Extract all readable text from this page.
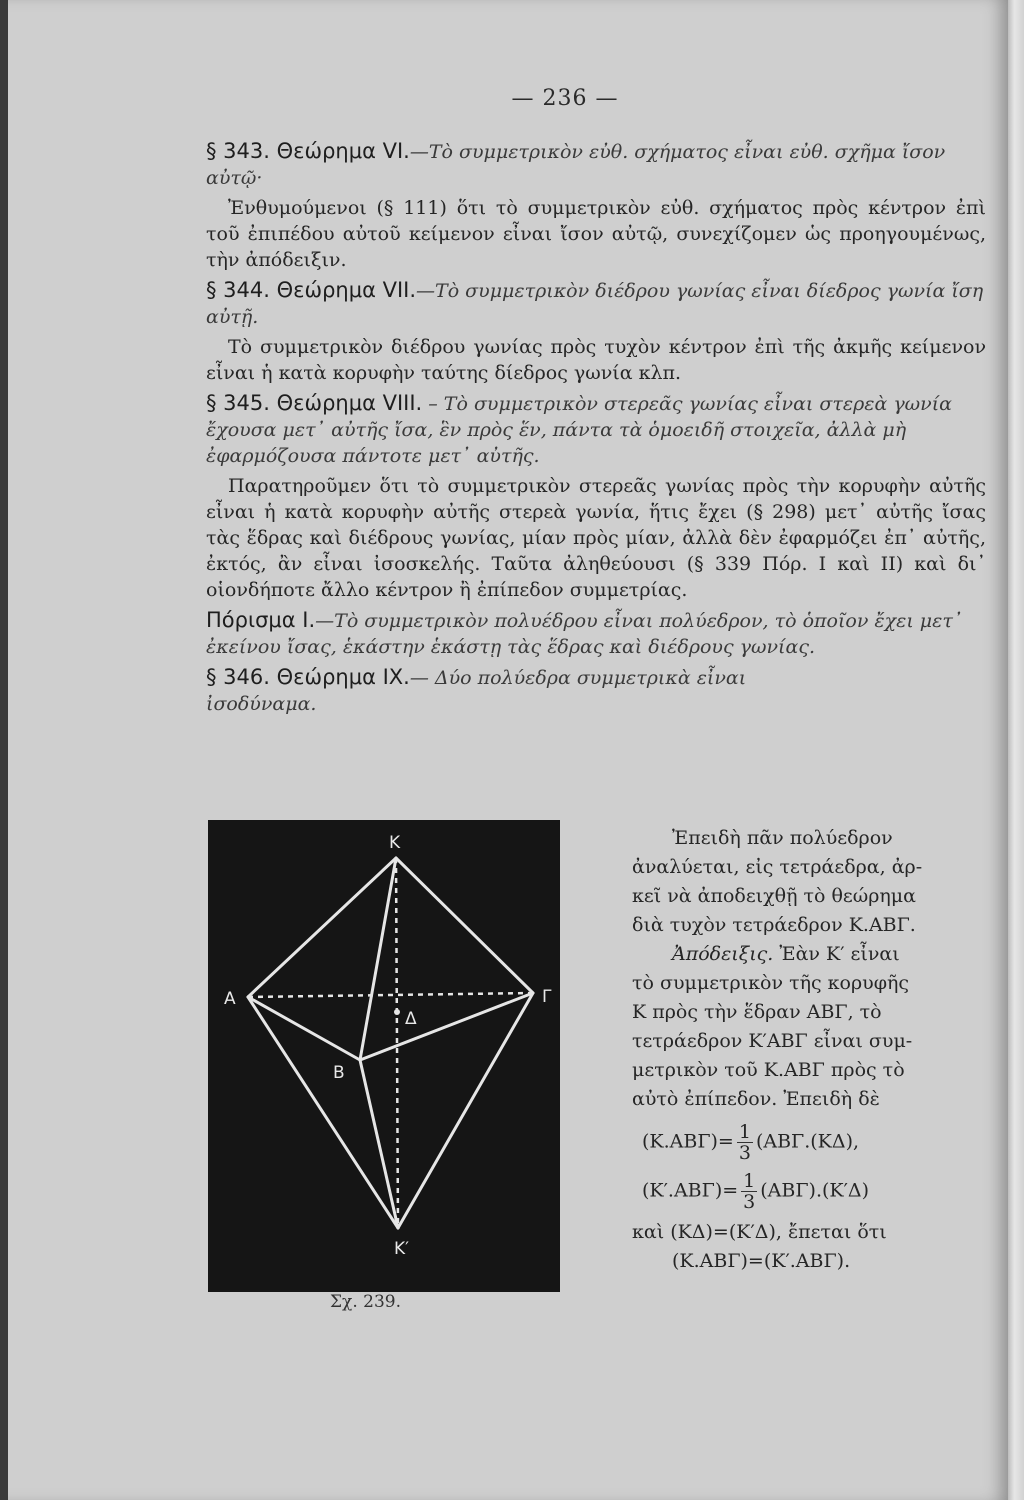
— 236 —
§ 343. Θεώρημα VI.—Τὸ συμμετρικὸν εὐθ. σχήματος εἶναι εὐθ. σχῆμα ἴσον αὐτῷ·
Ἐνθυμούμενοι (§ 111) ὅτι τὸ συμμετρικὸν εὐθ. σχήματος πρὸς κέντρον ἐπὶ τοῦ ἐπιπέδου αὐτοῦ κείμενον εἶναι ἴσον αὐτῷ, συνεχίζομεν ὡς προηγουμένως, τὴν ἀπόδειξιν.
§ 344. Θεώρημα VII.—Τὸ συμμετρικὸν διέδρου γωνίας εἶναι δίεδρος γωνία ἴση αὐτῇ.
Τὸ συμμετρικὸν διέδρου γωνίας πρὸς τυχὸν κέντρον ἐπὶ τῆς ἀκμῆς κείμενον εἶναι ἡ κατὰ κορυφὴν ταύτης δίεδρος γωνία κλπ.
§ 345. Θεώρημα VIII. – Τὸ συμμετρικὸν στερεᾶς γωνίας εἶναι στερεὰ γωνία ἔχουσα μετ᾽ αὐτῆς ἴσα, ἓν πρὸς ἕν, πάντα τὰ ὁμοειδῆ στοιχεῖα, ἀλλὰ μὴ ἐφαρμόζουσα πάντοτε μετ᾽ αὐτῆς.
Παρατηροῦμεν ὅτι τὸ συμμετρικὸν στερεᾶς γωνίας πρὸς τὴν κορυφὴν αὐτῆς εἶναι ἡ κατὰ κορυφὴν αὐτῆς στερεὰ γωνία, ἥτις ἔχει (§ 298) μετ᾽ αὐτῆς ἴσας τὰς ἕδρας καὶ διέδρους γωνίας, μίαν πρὸς μίαν, ἀλλὰ δὲν ἐφαρμόζει ἐπ᾽ αὐτῆς, ἐκτός, ἂν εἶναι ἰσοσκελής. Ταῦτα ἀληθεύουσι (§ 339 Πόρ. I καὶ II) καὶ δι᾽ οἱονδήποτε ἄλλο κέντρον ἢ ἐπίπεδον συμμετρίας.
Πόρισμα I.—Τὸ συμμετρικὸν πολυέδρου εἶναι πολύεδρον, τὸ ὁποῖον ἔχει μετ᾽ ἐκείνου ἴσας, ἑκάστην ἑκάστῃ τὰς ἕδρας καὶ διέδρους γωνίας.
§ 346. Θεώρημα IX.— Δύο πολύεδρα συμμετρικὰ εἶναι ἰσοδύναμα.
K
A	Γ
Δ
B
K′
Σχ. 239.
Ἐπειδὴ πᾶν πολύεδρον
ἀναλύεται, εἰς τετράεδρα, ἀρ-
κεῖ νὰ ἀποδειχθῇ τὸ θεώρημα
διὰ τυχὸν τετράεδρον Κ.ΑΒΓ.
Ἀπόδειξις. Ἐὰν Κ′ εἶναι
τὸ συμμετρικὸν τῆς κορυφῆς
Κ πρὸς τὴν ἕδραν ΑΒΓ, τὸ
τετράεδρον Κ′ΑΒΓ εἶναι συμ-
μετρικὸν τοῦ Κ.ΑΒΓ πρὸς τὸ
αὐτὸ ἐπίπεδον. Ἐπειδὴ δὲ
$(K.AB\Gamma)= \frac{1}{3} (AB\Gamma.(K\Delta)$,
$(K'.AB\Gamma)= \frac{1}{3} (AB\Gamma).(K'\Delta)$
καὶ (ΚΔ)=(Κ′Δ), ἔπεται ὅτι
(Κ.ΑΒΓ)=(Κ′.ΑΒΓ).
